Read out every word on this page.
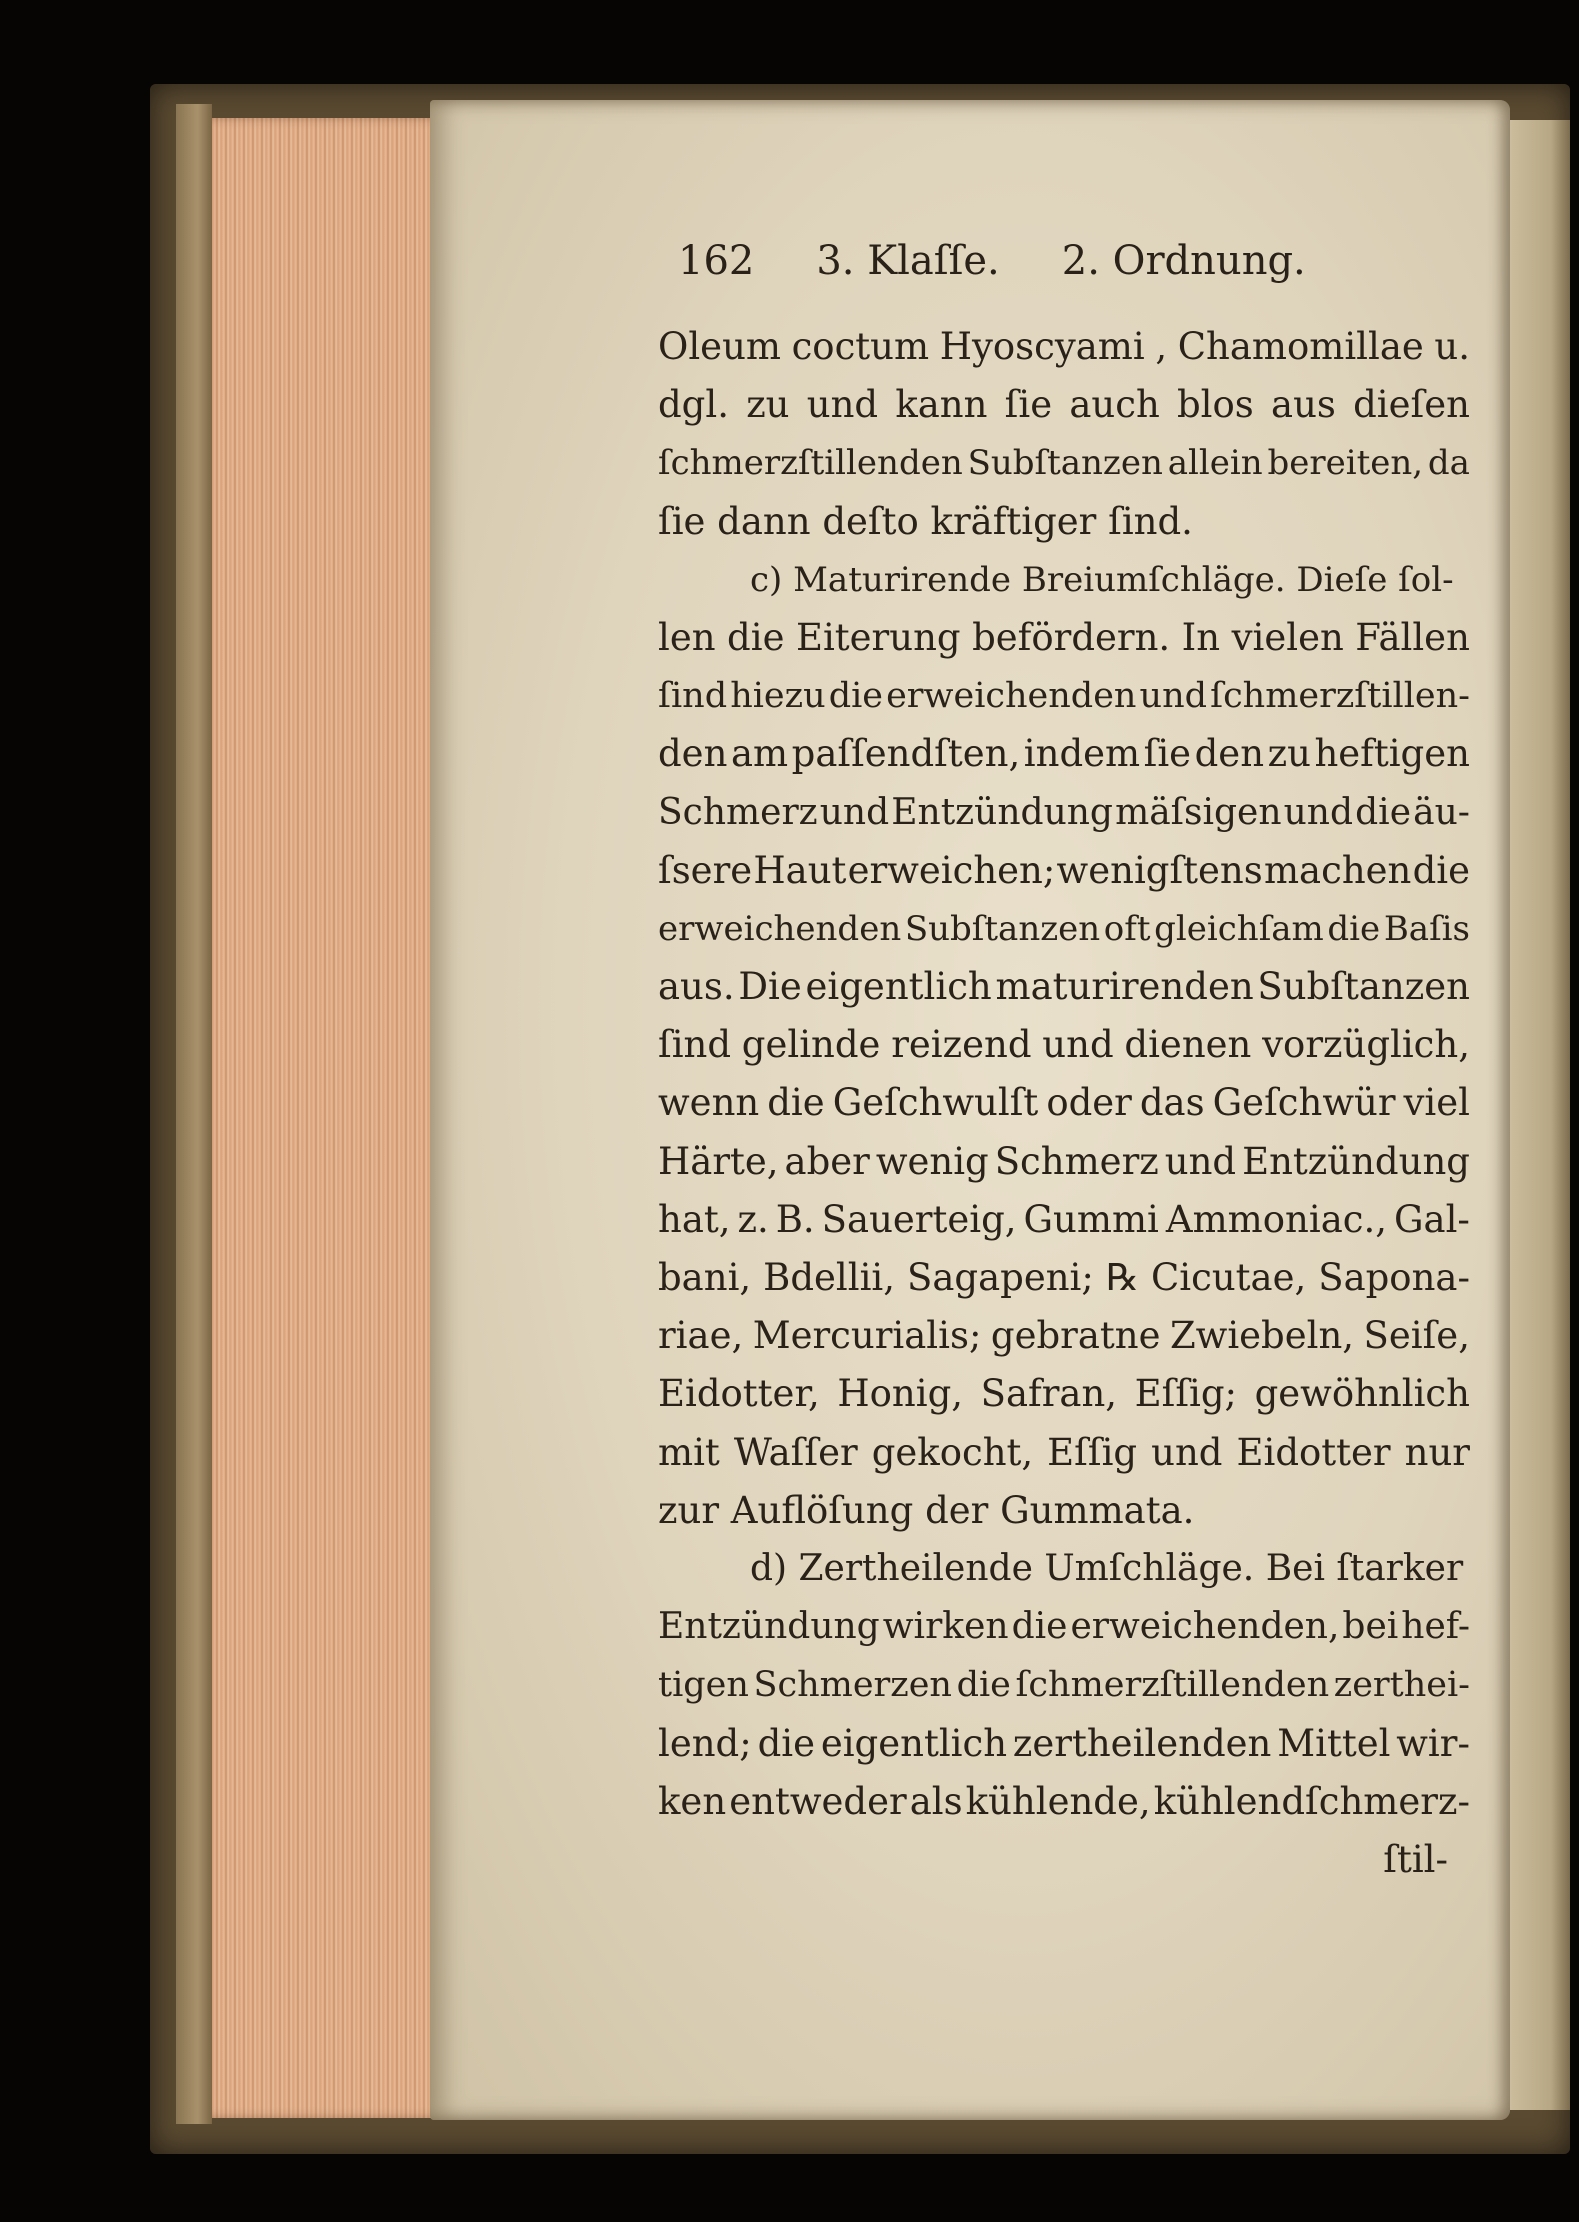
162 3. Klaſſe. 2. Ordnung.
Oleum coctum Hyoscyami , Chamomillae u.
dgl. zu und kann ſie auch blos aus dieſen
ſchmerzſtillenden Subſtanzen allein bereiten, da
ſie dann deſto kräftiger ſind.
c) Maturirende Breiumſchläge. Dieſe ſol-
len die Eiterung befördern. In vielen Fällen
ſind hiezu die erweichenden und ſchmerzſtillen-
den am paſſendſten, indem ſie den zu heftigen
Schmerz und Entzündung mäſsigen und die äu-
ſsere Haut erweichen; wenigſtens machen die
erweichenden Subſtanzen oft gleichſam die Baſis
aus. Die eigentlich maturirenden Subſtanzen
ſind gelinde reizend und dienen vorzüglich,
wenn die Geſchwulſt oder das Geſchwür viel
Härte, aber wenig Schmerz und Entzündung
hat, z. B. Sauerteig, Gummi Ammoniac., Gal-
bani, Bdellii, Sagapeni; ℞ Cicutae, Sapona-
riae, Mercurialis; gebratne Zwiebeln, Seiſe,
Eidotter, Honig, Safran, Eſſig; gewöhnlich
mit Waſſer gekocht, Eſſig und Eidotter nur
zur Auflöſung der Gummata.
d) Zertheilende Umſchläge. Bei ſtarker
Entzündung wirken die erweichenden, bei hef-
tigen Schmerzen die ſchmerzſtillenden zerthei-
lend; die eigentlich zertheilenden Mittel wir-
ken entweder als kühlende, kühlendſchmerz-
ſtil-
